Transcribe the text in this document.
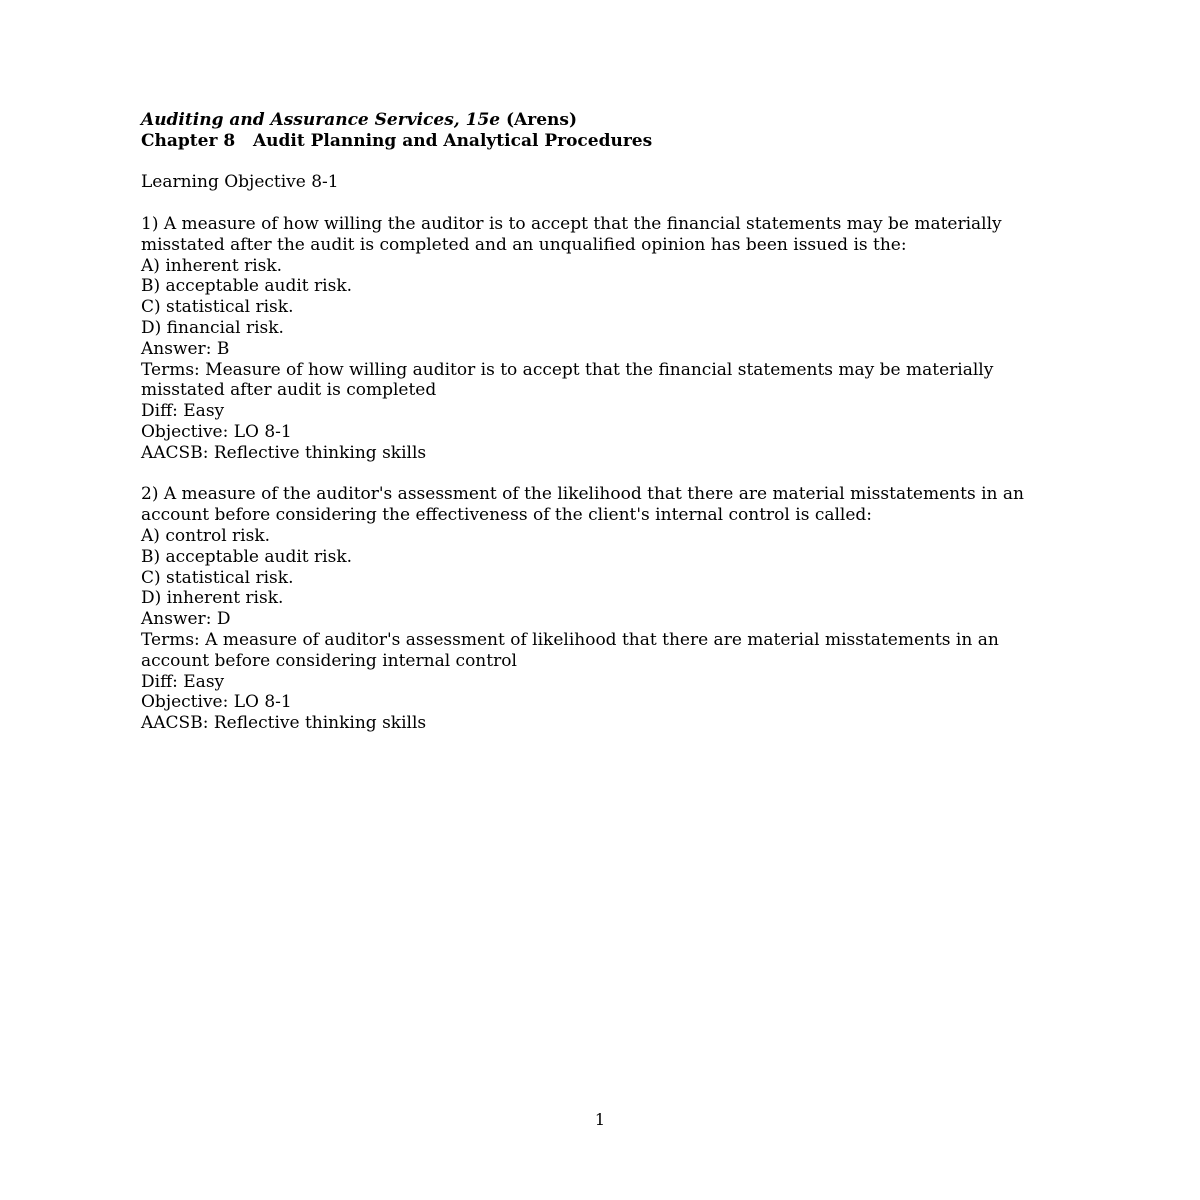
Auditing and Assurance Services, 15e (Arens)
Chapter 8 Audit Planning and Analytical Procedures
Learning Objective 8-1
1) A measure of how willing the auditor is to accept that the financial statements may be materially misstated after the audit is completed and an unqualified opinion has been issued is the:
A) inherent risk.
B) acceptable audit risk.
C) statistical risk.
D) financial risk.
Answer: B
Terms: Measure of how willing auditor is to accept that the financial statements may be materially misstated after audit is completed
Diff: Easy
Objective: LO 8-1
AACSB: Reflective thinking skills
2) A measure of the auditor's assessment of the likelihood that there are material misstatements in an account before considering the effectiveness of the client's internal control is called:
A) control risk.
B) acceptable audit risk.
C) statistical risk.
D) inherent risk.
Answer: D
Terms: A measure of auditor's assessment of likelihood that there are material misstatements in an account before considering internal control
Diff: Easy
Objective: LO 8-1
AACSB: Reflective thinking skills
1
